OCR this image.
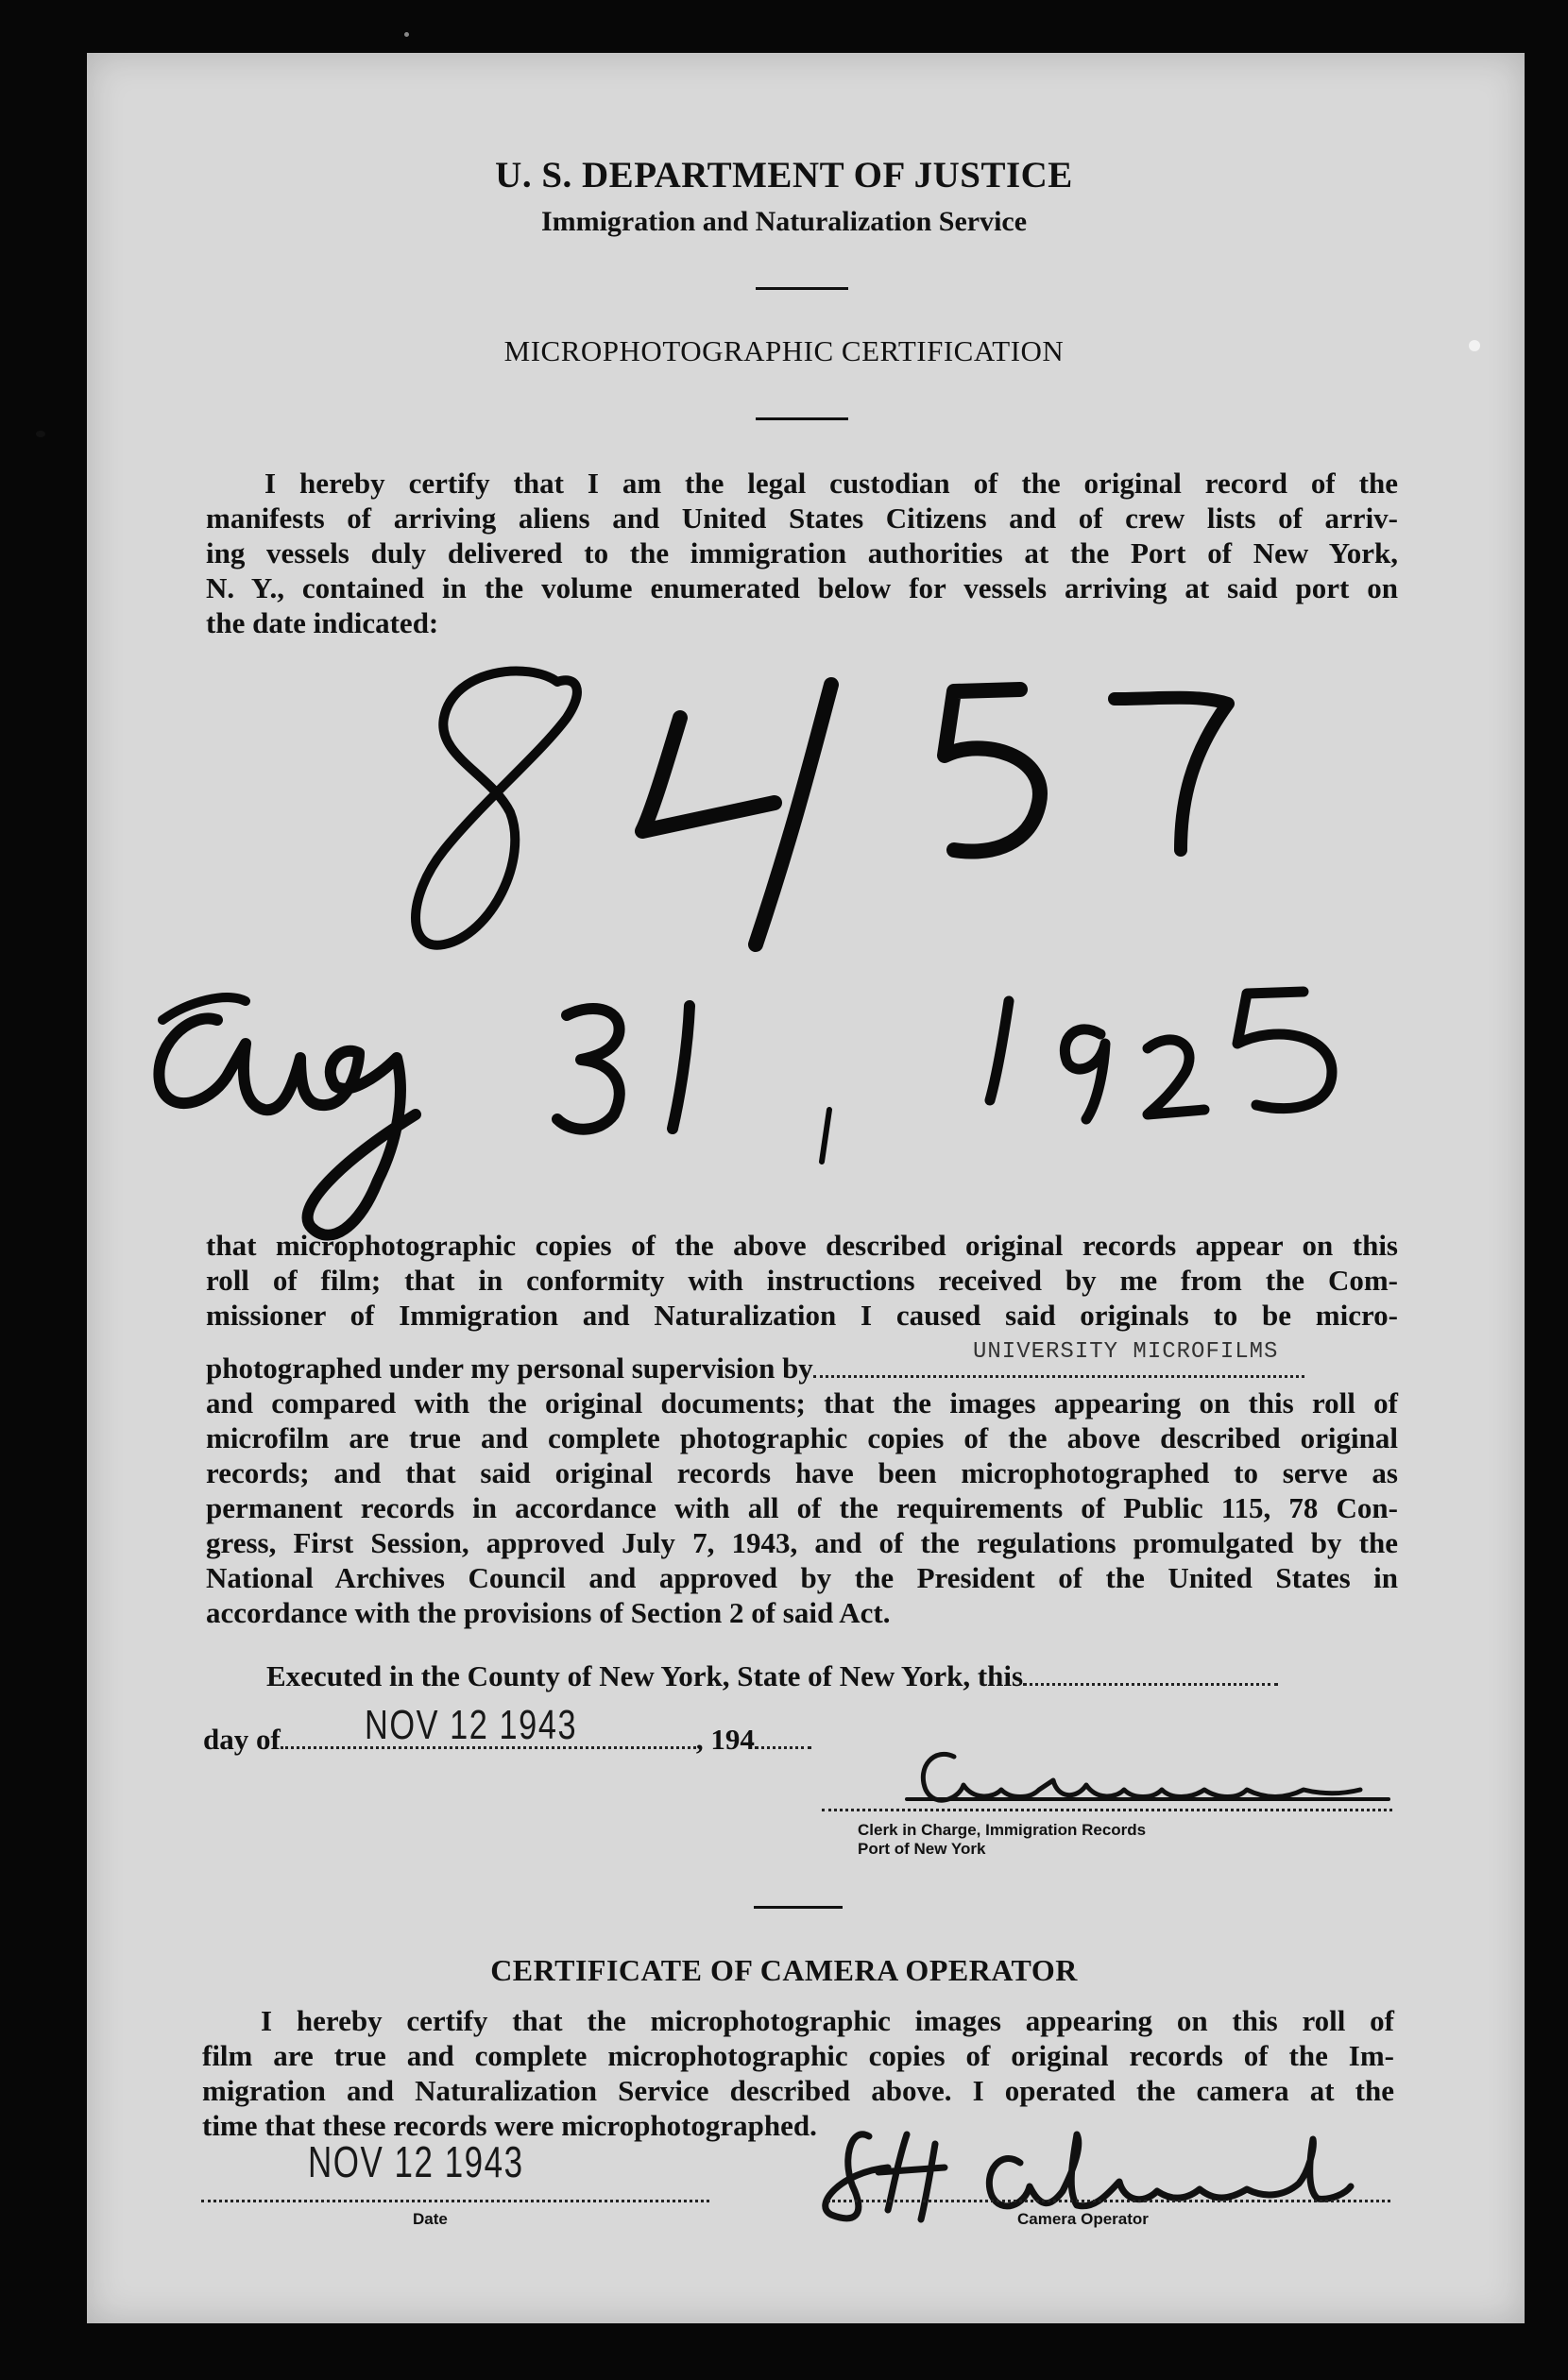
U. S. DEPARTMENT OF JUSTICE
Immigration and Naturalization Service
MICROPHOTOGRAPHIC CERTIFICATION
I hereby certify that I am the legal custodian of the original record of the
manifests of arriving aliens and United States Citizens and of crew lists of arriv-
ing vessels duly delivered to the immigration authorities at the Port of New York,
N. Y., contained in the volume enumerated below for vessels arriving at said port on
the date indicated:
that microphotographic copies of the above described original records appear on this
roll of film; that in conformity with instructions received by me from the Com-
missioner of Immigration and Naturalization I caused said originals to be micro-
photographed under my personal supervision by	UNIVERSITY MICROFILMS
and compared with the original documents; that the images appearing on this roll of
microfilm are true and complete photographic copies of the above described original
records; and that said original records have been microphotographed to serve as
permanent records in accordance with all of the requirements of Public 115, 78 Con-
gress, First Session, approved July 7, 1943, and of the regulations promulgated by the
National Archives Council and approved by the President of the United States in
accordance with the provisions of Section 2 of said Act.
Executed in the County of New York, State of New York, this
day of	, 194
NOV 12 1943
Clerk in Charge, Immigration Records
Port of New York
CERTIFICATE OF CAMERA OPERATOR
I hereby certify that the microphotographic images appearing on this roll of
film are true and complete microphotographic copies of original records of the Im-
migration and Naturalization Service described above. I operated the camera at the
time that these records were microphotographed.
NOV 12 1943
Date	Camera Operator
